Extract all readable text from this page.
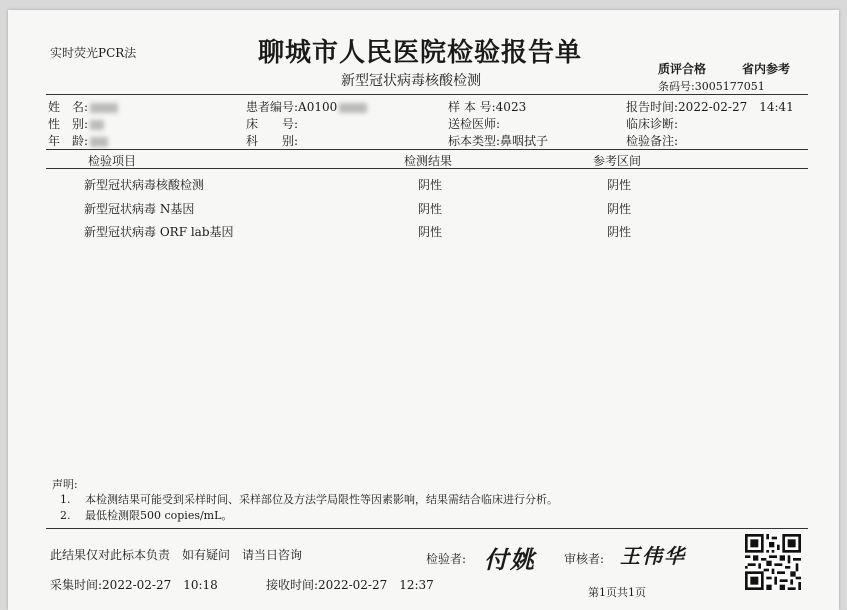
实时荧光PCR法	聊城市人民医院检验报告单
新型冠状病毒核酸检测
质评合格	省内参考
条码号:3005177051
姓　名:	患者编号:A0100	样 本 号:4023	报告时间:2022-02-27　14:41
性　别:	床　　号:	送检医师:	临床诊断:
年　龄:	科　　别:	标本类型:鼻咽拭子	检验备注:
检验项目	检测结果	参考区间
新型冠状病毒核酸检测	阴性	阴性
新型冠状病毒 N基因	阴性	阴性
新型冠状病毒 ORF lab基因	阴性	阴性
声明:
1.　 本检测结果可能受到采样时间、采样部位及方法学局限性等因素影响，结果需结合临床进行分析。
2.　 最低检测限500 copies/mL。
此结果仅对此标本负责　如有疑问　请当日咨询	检验者: 付姚 审核者: 王伟华
采集时间:2022-02-27　10:18	接收时间:2022-02-27　12:37
第1页共1页
